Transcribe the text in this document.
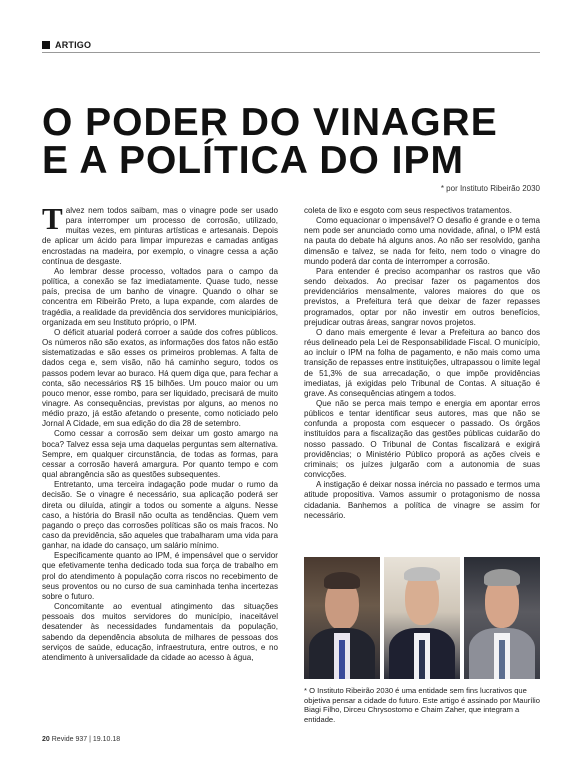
ARTIGO
O PODER DO VINAGRE
E A POLÍTICA DO IPM
* por Instituto Ribeirão 2030

Talvez nem todos saibam, mas o vinagre pode ser usado para interromper um processo de corrosão, utilizado, muitas vezes, em pinturas artísticas e artesanais. Depois de aplicar um ácido para limpar impurezas e camadas antigas encrostadas na madeira, por exemplo, o vinagre cessa a ação contínua de desgaste.

Ao lembrar desse processo, voltados para o campo da política, a conexão se faz imediatamente. Quase tudo, nesse país, precisa de um banho de vinagre. Quando o olhar se concentra em Ribeirão Preto, a lupa expande, com alardes de tragédia, a realidade da previdência dos servidores municipiários, organizada em seu Instituto próprio, o IPM.

O déficit atuarial poderá corroer a saúde dos cofres públicos. Os números não são exatos, as informações dos fatos não estão sistematizadas e são esses os primeiros problemas. A falta de dados cega e, sem visão, não há caminho seguro, todos os passos podem levar ao buraco. Há quem diga que, para fechar a conta, são necessários R$ 15 bilhões. Um pouco maior ou um pouco menor, esse rombo, para ser liquidado, precisará de muito vinagre. As consequências, previstas por alguns, ao menos no médio prazo, já estão afetando o presente, como noticiado pelo Jornal A Cidade, em sua edição do dia 28 de setembro.

Como cessar a corrosão sem deixar um gosto amargo na boca? Talvez essa seja uma daquelas perguntas sem alternativa. Sempre, em qualquer circunstância, de todas as formas, para cessar a corrosão haverá amargura. Por quanto tempo e com qual abrangência são as questões subsequentes.

Entretanto, uma terceira indagação pode mudar o rumo da decisão. Se o vinagre é necessário, sua aplicação poderá ser direta ou diluída, atingir a todos ou somente a alguns. Nesse caso, a história do Brasil não oculta as tendências. Quem vem pagando o preço das corrosões políticas são os mais fracos. No caso da previdência, são aqueles que trabalharam uma vida para ganhar, na idade do cansaço, um salário mínimo.

Especificamente quanto ao IPM, é impensável que o servidor que efetivamente tenha dedicado toda sua força de trabalho em prol do atendimento à população corra riscos no recebimento de seus proventos ou no curso de sua caminhada tenha incertezas sobre o futuro.

Concomitante ao eventual atingimento das situações pessoais dos muitos servidores do município, inaceitável desatender às necessidades fundamentais da população, sabendo da dependência absoluta de milhares de pessoas dos serviços de saúde, educação, infraestrutura, entre outros, e no atendimento à universalidade da cidade ao acesso à água,

coleta de lixo e esgoto com seus respectivos tratamentos.

Como equacionar o impensável? O desafio é grande e o tema nem pode ser anunciado como uma novidade, afinal, o IPM está na pauta do debate há alguns anos. Ao não ser resolvido, ganha dimensão e talvez, se nada for feito, nem todo o vinagre do mundo poderá dar conta de interromper a corrosão.

Para entender é preciso acompanhar os rastros que vão sendo deixados. Ao precisar fazer os pagamentos dos previdenciários mensalmente, valores maiores do que os previstos, a Prefeitura terá que deixar de fazer repasses programados, optar por não investir em outros benefícios, prejudicar outras áreas, sangrar novos projetos.

O dano mais emergente é levar a Prefeitura ao banco dos réus delineado pela Lei de Responsabilidade Fiscal. O município, ao incluir o IPM na folha de pagamento, e não mais como uma transição de repasses entre instituições, ultrapassou o limite legal de 51,3% de sua arrecadação, o que impõe providências imediatas, já exigidas pelo Tribunal de Contas. A situação é grave. As consequências atingem a todos.

Que não se perca mais tempo e energia em apontar erros públicos e tentar identificar seus autores, mas que não se confunda a proposta com esquecer o passado. Os órgãos instituídos para a fiscalização das gestões públicas cuidarão do nosso passado. O Tribunal de Contas fiscalizará e exigirá providências; o Ministério Público proporá as ações cíveis e criminais; os juízes julgarão com a autonomia de suas convicções.

A instigação é deixar nossa inércia no passado e termos uma atitude propositiva. Vamos assumir o protagonismo de nossa cidadania. Banhemos a política de vinagre se assim for necessário.

* O Instituto Ribeirão 2030 é uma entidade sem fins lucrativos que objetiva pensar a cidade do futuro. Este artigo é assinado por Maurílio Biagi Filho, Dirceu Chrysostomo e Chaim Zaher, que integram a entidade.
20 Revide 937 | 19.10.18
